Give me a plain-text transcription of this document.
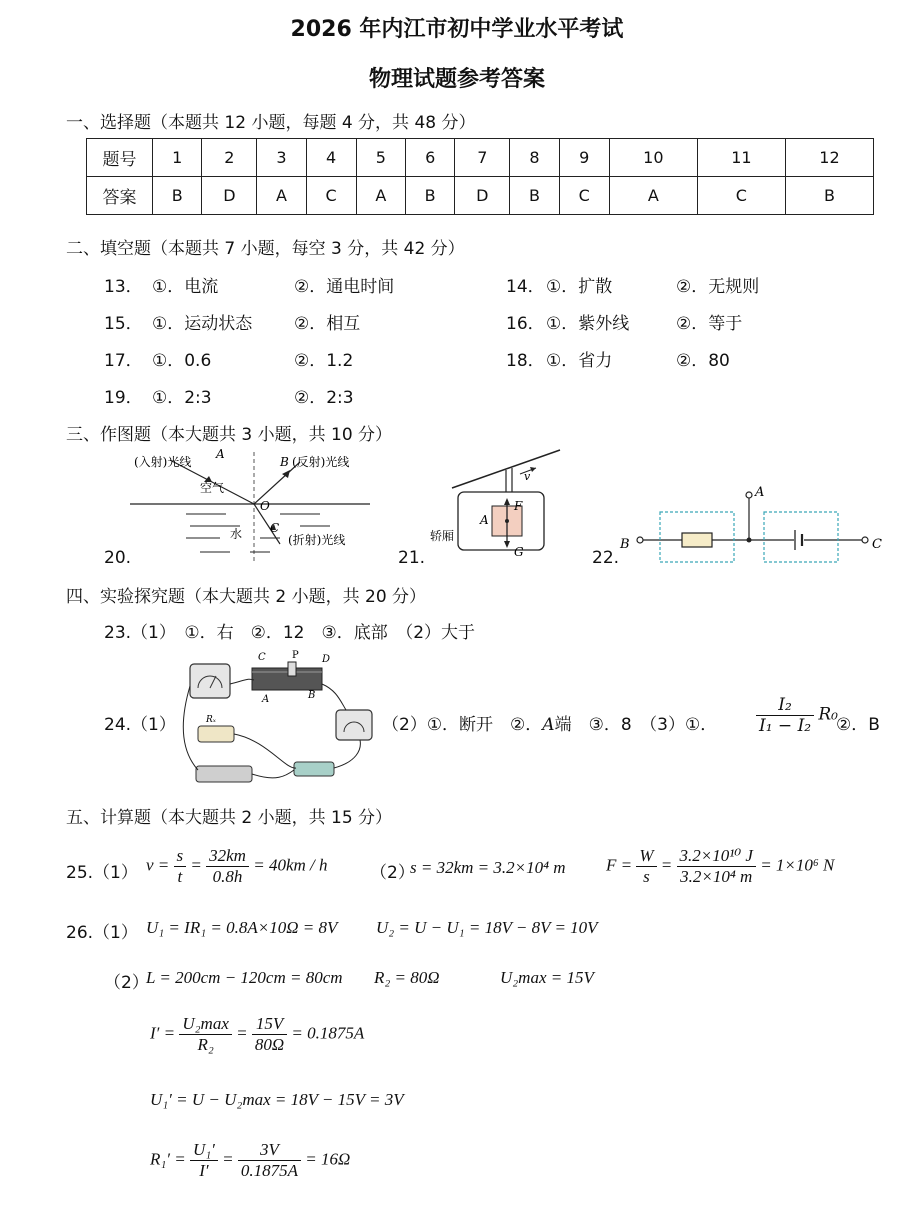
2026 年内江市初中学业水平考试
物理试题参考答案
一、选择题（本题共 12 小题，每题 4 分，共 48 分）
题号	1	2	3	4	5	6	7	8	9	10	11	12
答案	B	D	A	C	A	B	D	B	C	A	C	B
二、填空题（本题共 7 小题，每空 3 分，共 42 分）
13． ①．电流	②．通电时间	14． ①．扩散	②．无规则
15． ①．运动状态 ②．相互	16． ①．紫外线	②．等于
17． ①．0.6	②．1.2	18． ①．省力	②．80
19． ①．2:3	②．2:3
三、作图题（本大题共 3 小题，共 10 分）
20.
(入射)光线
A
B (反射)光线
空气
O
水 C
(折射)光线
21.
v
A
F
G
轿厢
22.
B	C
A
四、实验探究题（本大题共 2 小题，共 20 分）
23.（1）　①．右　②．12　③．底部　（2）大于
24.（1）
C	P D
A	B
Rₓ	（2）①．断开　②．A端　③．8　（3）①． $\frac{\text{I₂}}{\text{I₁ − I₂}} R_0$
②．B
五、计算题（本大题共 2 小题，共 15 分）
25.（1） $v = \frac{s}{t} = \frac{32km}{0.8h} = 40km / h$	（2）
s = 32km = 3.2×10⁴ m $F = \frac{W}{s} = \frac{\text{3.2×10¹⁰ J}}{\text{3.2×10⁴ m}} = 1\times 10^6$ N
26.（1） U₁ = IR₁ = 0.8A×10Ω = 8V U₂ = U − U₁ = 18V − 8V = 10V
（2）
L = 200cm − 120cm = 80cm R₂ = 80Ω	U₂max = 15V
$I' = \frac{\text{U₂max}}{\text{R₂}} = \frac{15V}{80\Omega} = 0.1875A$
U₁′ = U − U₂max = 18V − 15V = 3V
$R_1' = \frac{\text{U₁′}}{I'} = \frac{3V}{0.1875A} = 16\Omega$
